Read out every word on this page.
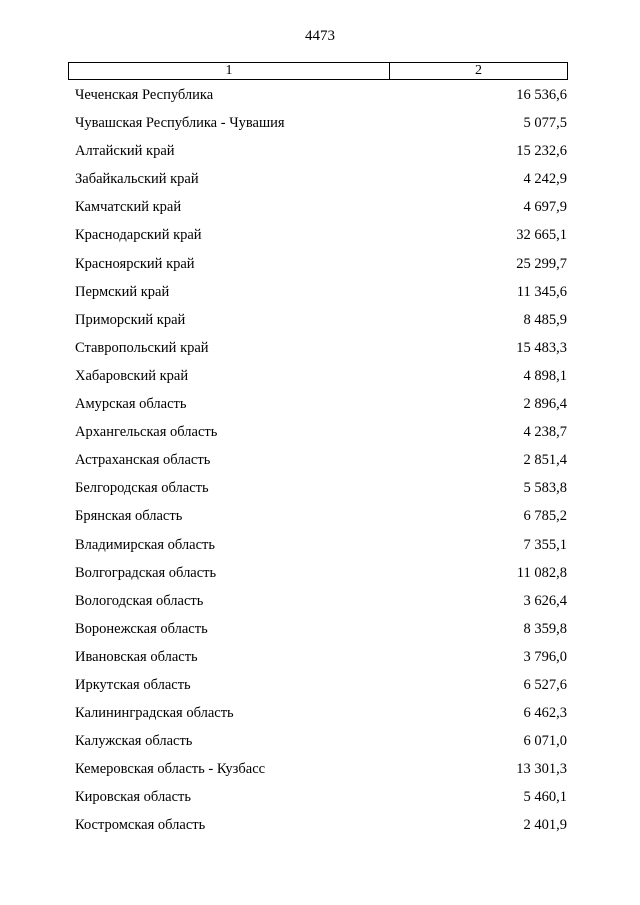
4473
1	2
Чеченская Республика	16 536,6
Чувашская Республика - Чувашия	5 077,5
Алтайский край	15 232,6
Забайкальский край	4 242,9
Камчатский край	4 697,9
Краснодарский край	32 665,1
Красноярский край	25 299,7
Пермский край	11 345,6
Приморский край	8 485,9
Ставропольский край	15 483,3
Хабаровский край	4 898,1
Амурская область	2 896,4
Архангельская область	4 238,7
Астраханская область	2 851,4
Белгородская область	5 583,8
Брянская область	6 785,2
Владимирская область	7 355,1
Волгоградская область	11 082,8
Вологодская область	3 626,4
Воронежская область	8 359,8
Ивановская область	3 796,0
Иркутская область	6 527,6
Калининградская область	6 462,3
Калужская область	6 071,0
Кемеровская область - Кузбасс	13 301,3
Кировская область	5 460,1
Костромская область	2 401,9
